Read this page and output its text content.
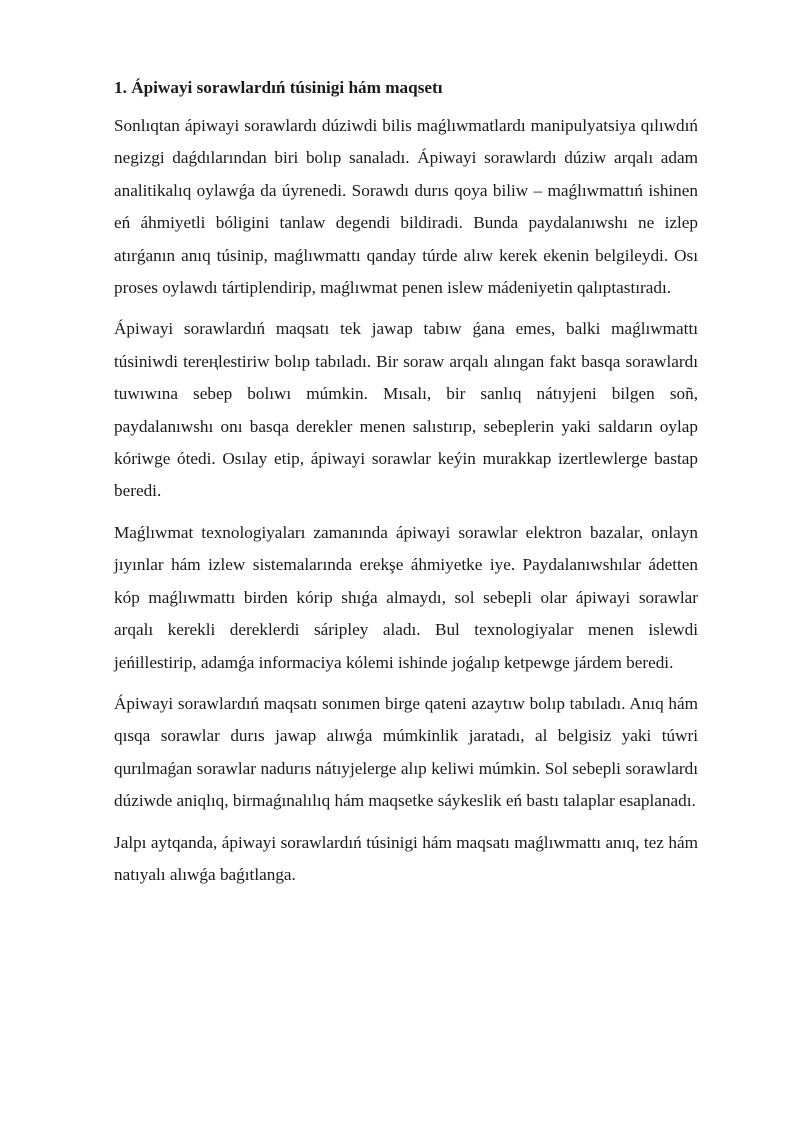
1. Ápiwayi sorawlardıń túsinigi hám maqsetı

Sonlıqtan ápiwayi sorawlardı dúziwdi bilis maǵlıwmatlardı manipulyatsiya qılıwdıń negizgi daǵdılarından biri bolıp sanaladı. Ápiwayi sorawlardı dúziw arqalı adam analitikalıq oylawǵa da úyrenedi. Sorawdı durıs qoya biliw – maǵlıwmattıń ishinen eń áhmiyetli bóligini tanlaw degendi bildiradi. Bunda paydalanıwshı ne izlep atırǵanın anıq túsinip, maǵlıwmattı qanday túrde alıw kerek ekenin belgileydi. Osı proses oylawdı tártiplendirip, maǵlıwmat penen islew mádeniyetin qalıptastıradı.

Ápiwayi sorawlardıń maqsatı tek jawap tabıw ǵana emes, balki maǵlıwmattı túsiniwdi tereңlestiriw bolıp tabıladı. Bir soraw arqalı alıngan fakt basqa sorawlardı tuwıwına sebep bolıwı múmkin. Mısalı, bir sanlıq nátıyjeni bilgen soñ, paydalanıwshı onı basqa derekler menen salıstırıp, sebeplerin yaki saldarın oylap kóriwge ótedi. Osılay etip, ápiwayi sorawlar keýin murakkap izertlewlerge bastap beredi.

Maǵlıwmat texnologiyaları zamanında ápiwayi sorawlar elektron bazalar, onlayn jıyınlar hám izlew sistemalarında erekşe áhmiyetke iye. Paydalanıwshılar ádetten kóp maǵlıwmattı birden kórip shıǵa almaydı, sol sebepli olar ápiwayi sorawlar arqalı kerekli dereklerdi sáripley aladı. Bul texnologiyalar menen islewdi jeńillestirip, adamǵa informaciya kólemi ishinde joǵalıp ketpewge járdem beredi.

Ápiwayi sorawlardıń maqsatı sonımen birge qateni azaytıw bolıp tabıladı. Anıq hám qısqa sorawlar durıs jawap alıwǵa múmkinlik jaratadı, al belgisiz yaki túwri qurılmaǵan sorawlar nadurıs nátıyjelerge alıp keliwi múmkin. Sol sebepli sorawlardı dúziwde aniqlıq, birmaǵınalılıq hám maqsetke sáykeslik eń bastı talaplar esaplanadı.

Jalpı aytqanda, ápiwayi sorawlardıń túsinigi hám maqsatı maǵlıwmattı anıq, tez hám natıyalı alıwǵa baǵıtlanga.
